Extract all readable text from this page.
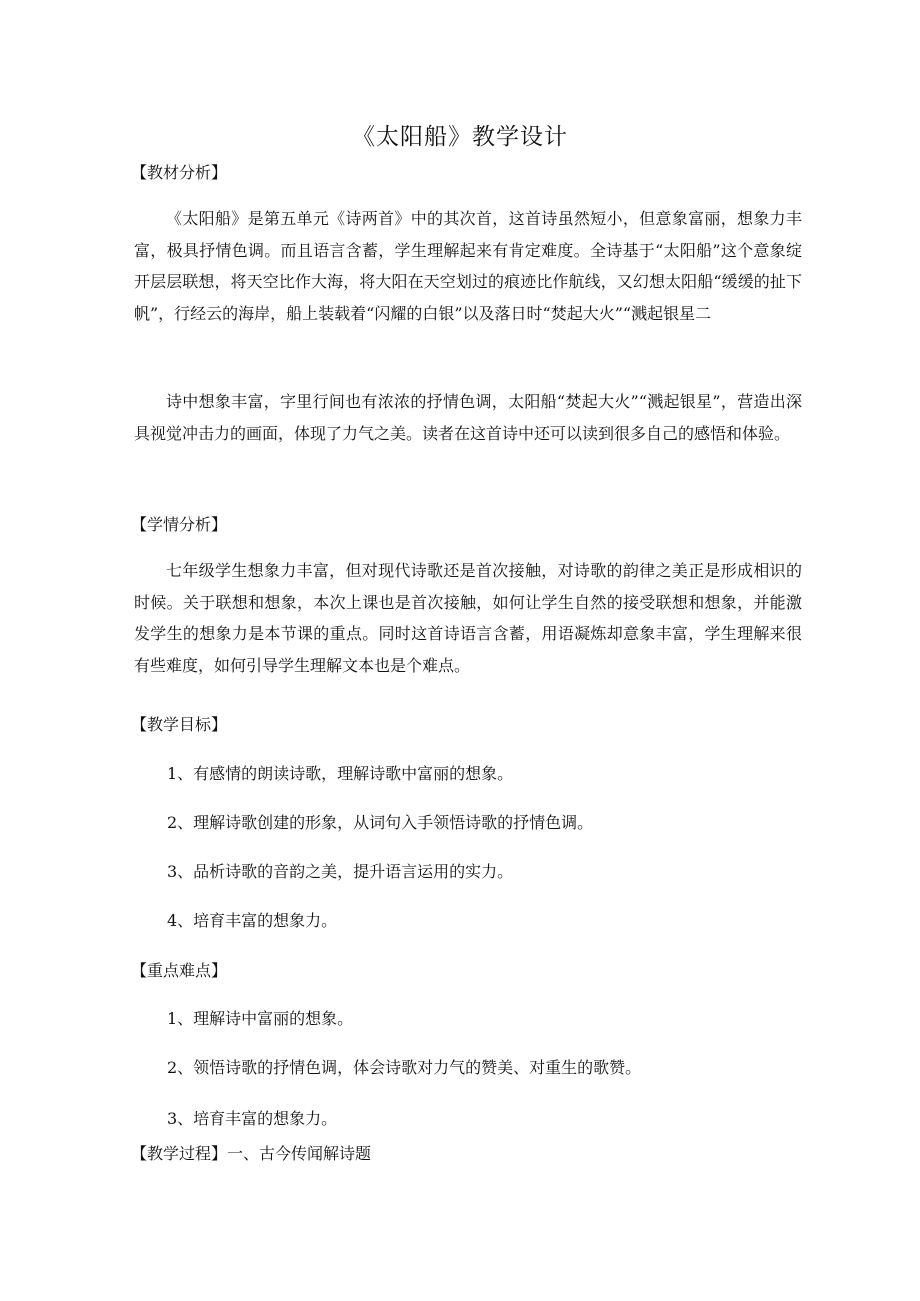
《太阳船》教学设计
【教材分析】

《太阳船》是第五单元《诗两首》中的其次首，这首诗虽然短小，但意象富丽，想象力丰富，极具抒情色调。而且语言含蓄，学生理解起来有肯定难度。全诗基于“太阳船”这个意象绽开层层联想，将天空比作大海，将大阳在天空划过的痕迹比作航线，又幻想太阳船“缓缓的扯下帆”，行经云的海岸，船上装载着“闪耀的白银”以及落日时“焚起大火”“溅起银星二

诗中想象丰富，字里行间也有浓浓的抒情色调，太阳船“焚起大火”“溅起银星”，营造出深具视觉冲击力的画面，体现了力气之美。读者在这首诗中还可以读到很多自己的感悟和体验。

【学情分析】

七年级学生想象力丰富，但对现代诗歌还是首次接触，对诗歌的韵律之美正是形成相识的时候。关于联想和想象，本次上课也是首次接触，如何让学生自然的接受联想和想象，并能激发学生的想象力是本节课的重点。同时这首诗语言含蓄，用语凝炼却意象丰富，学生理解来很有些难度，如何引导学生理解文本也是个难点。

【教学目标】
1、有感情的朗读诗歌，理解诗歌中富丽的想象。
2、理解诗歌创建的形象，从词句入手领悟诗歌的抒情色调。
3、品析诗歌的音韵之美，提升语言运用的实力。
4、培育丰富的想象力。
【重点难点】
1、理解诗中富丽的想象。
2、领悟诗歌的抒情色调，体会诗歌对力气的赞美、对重生的歌赞。
3、培育丰富的想象力。
【教学过程】一、古今传闻解诗题
